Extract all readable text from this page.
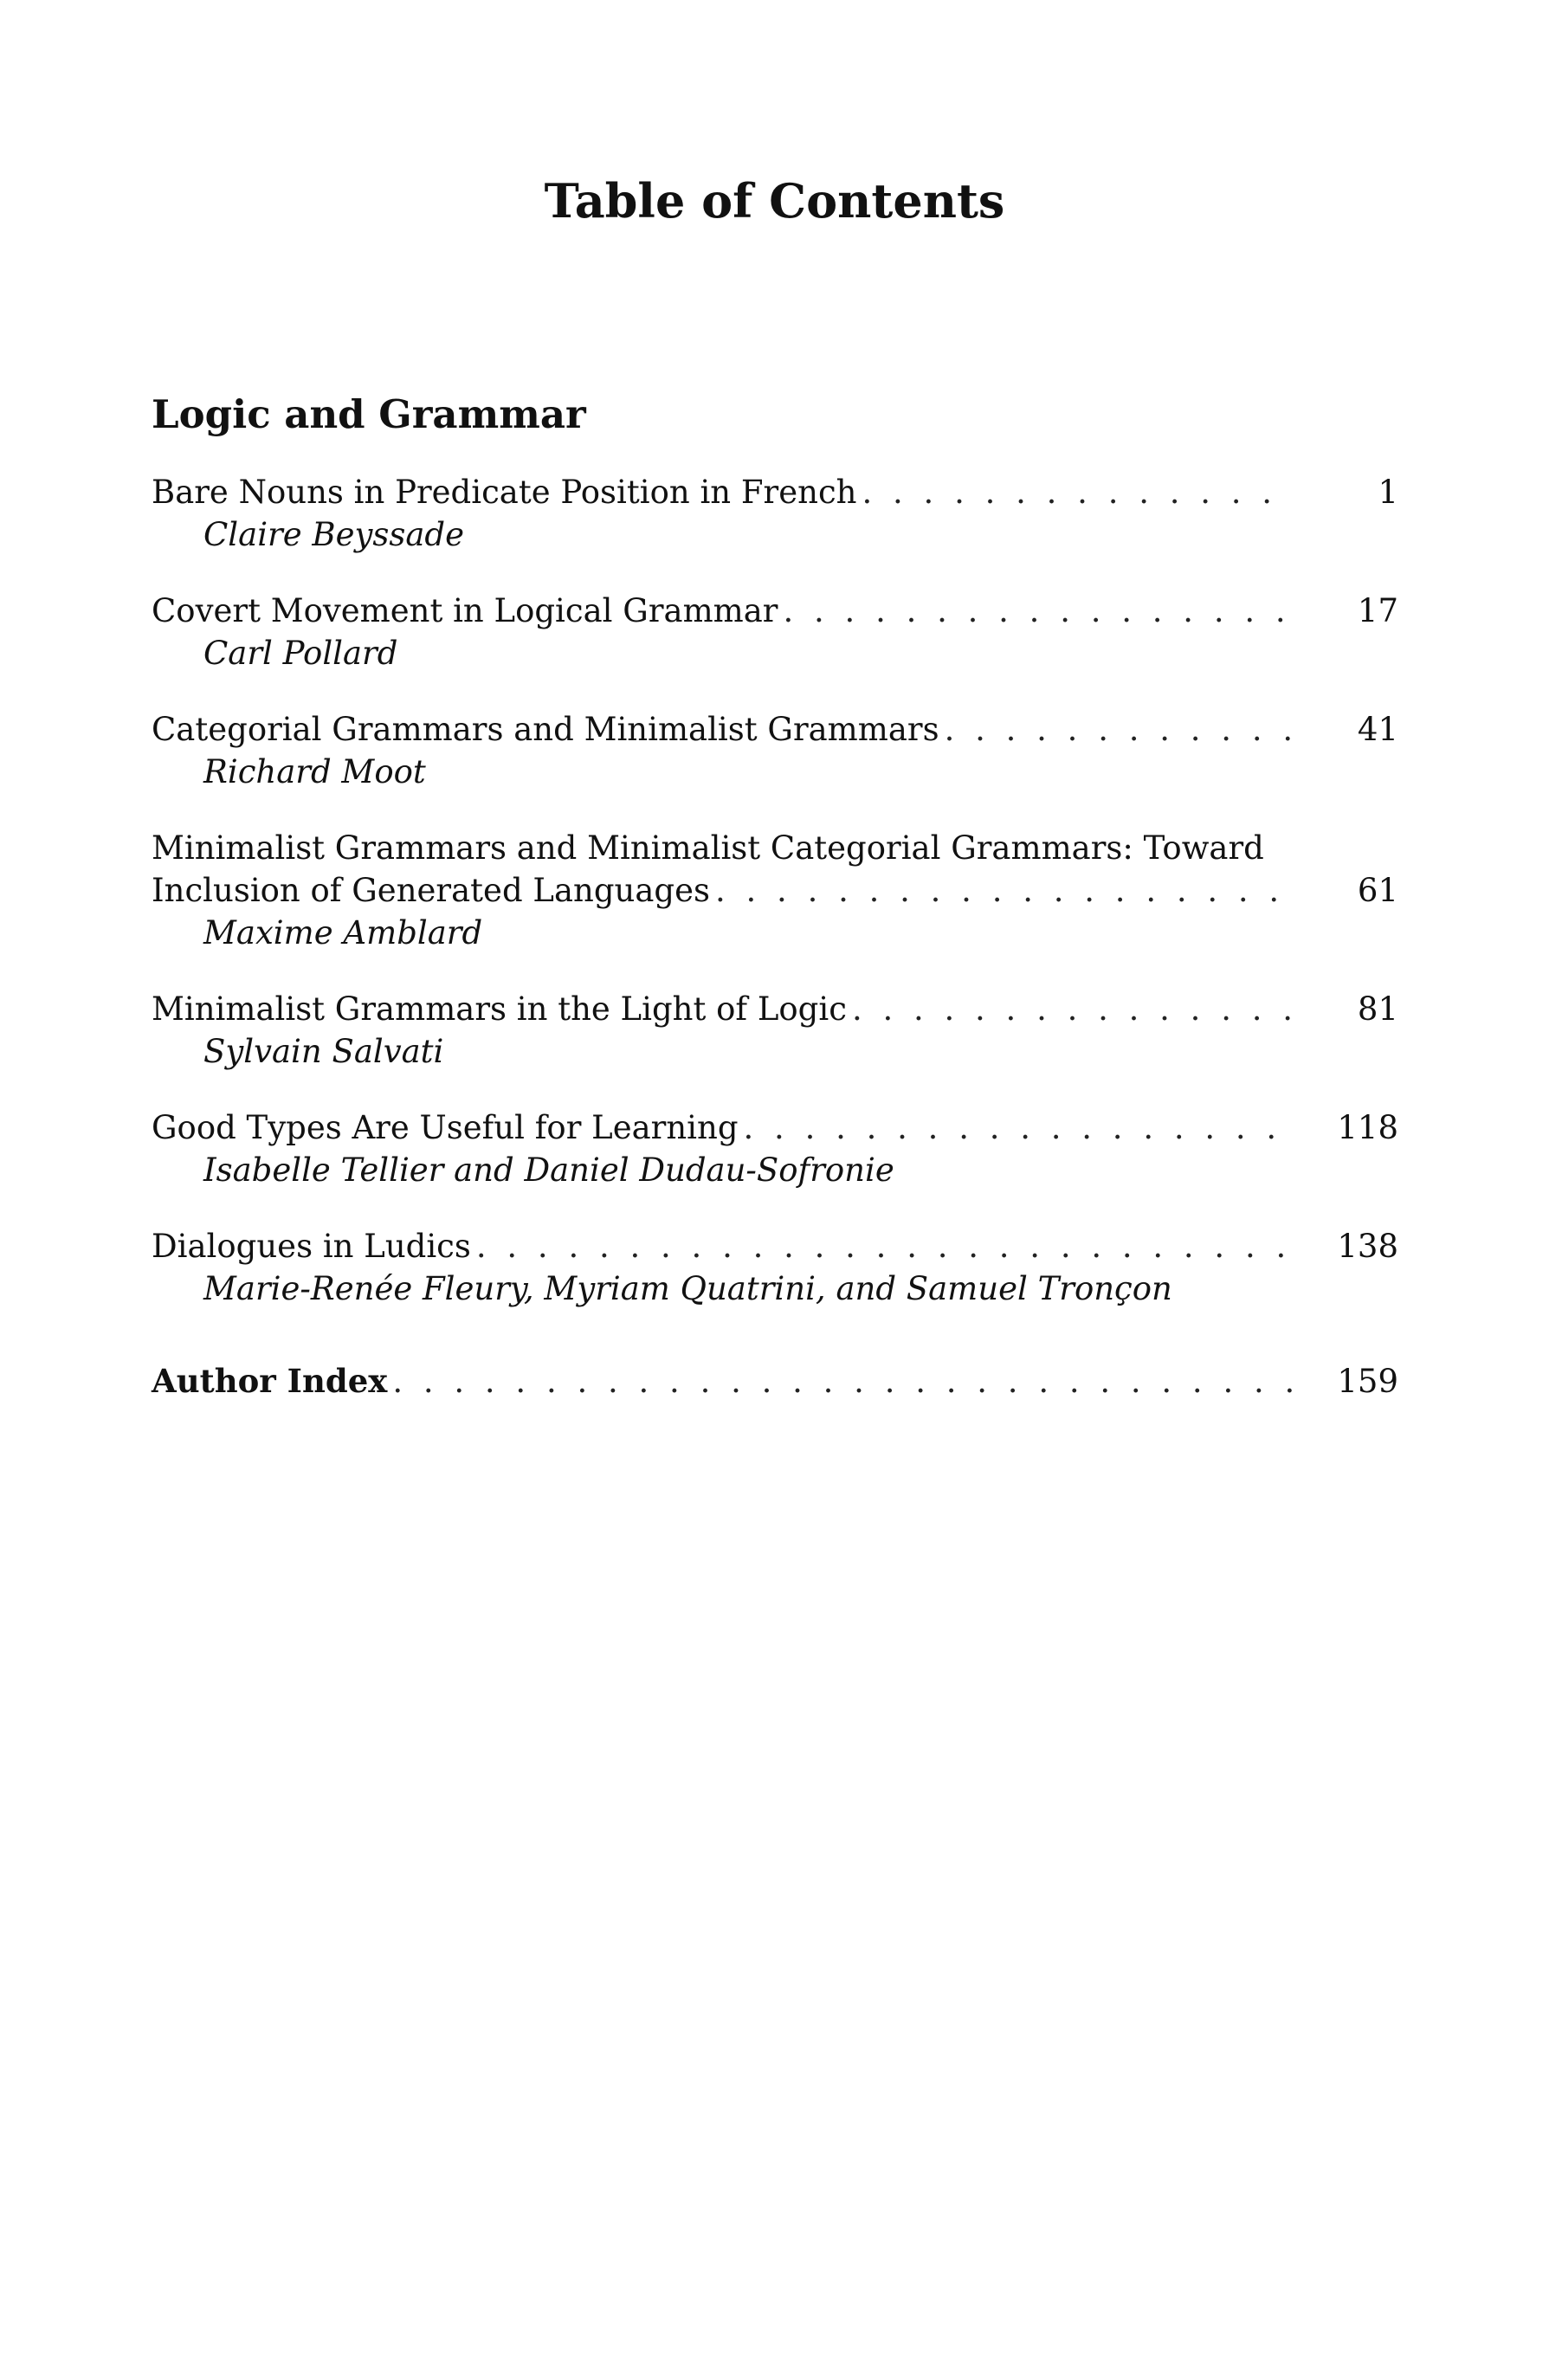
Table of Contents
Logic and Grammar
Bare Nouns in Predicate Position in French . . .	1
Claire Beyssade
Covert Movement in Logical Grammar . . .	17
Carl Pollard
Categorial Grammars and Minimalist Grammars . . .	41
Richard Moot
Minimalist Grammars and Minimalist Categorial Grammars: Toward
Inclusion of Generated Languages . . .	61
Maxime Amblard
Minimalist Grammars in the Light of Logic . . .	81
Sylvain Salvati
Good Types Are Useful for Learning . . .	118
Isabelle Tellier and Daniel Dudau-Sofronie
Dialogues in Ludics . . .	138
Marie-Renée Fleury, Myriam Quatrini, and Samuel Tronçon
Author Index . . .	159
